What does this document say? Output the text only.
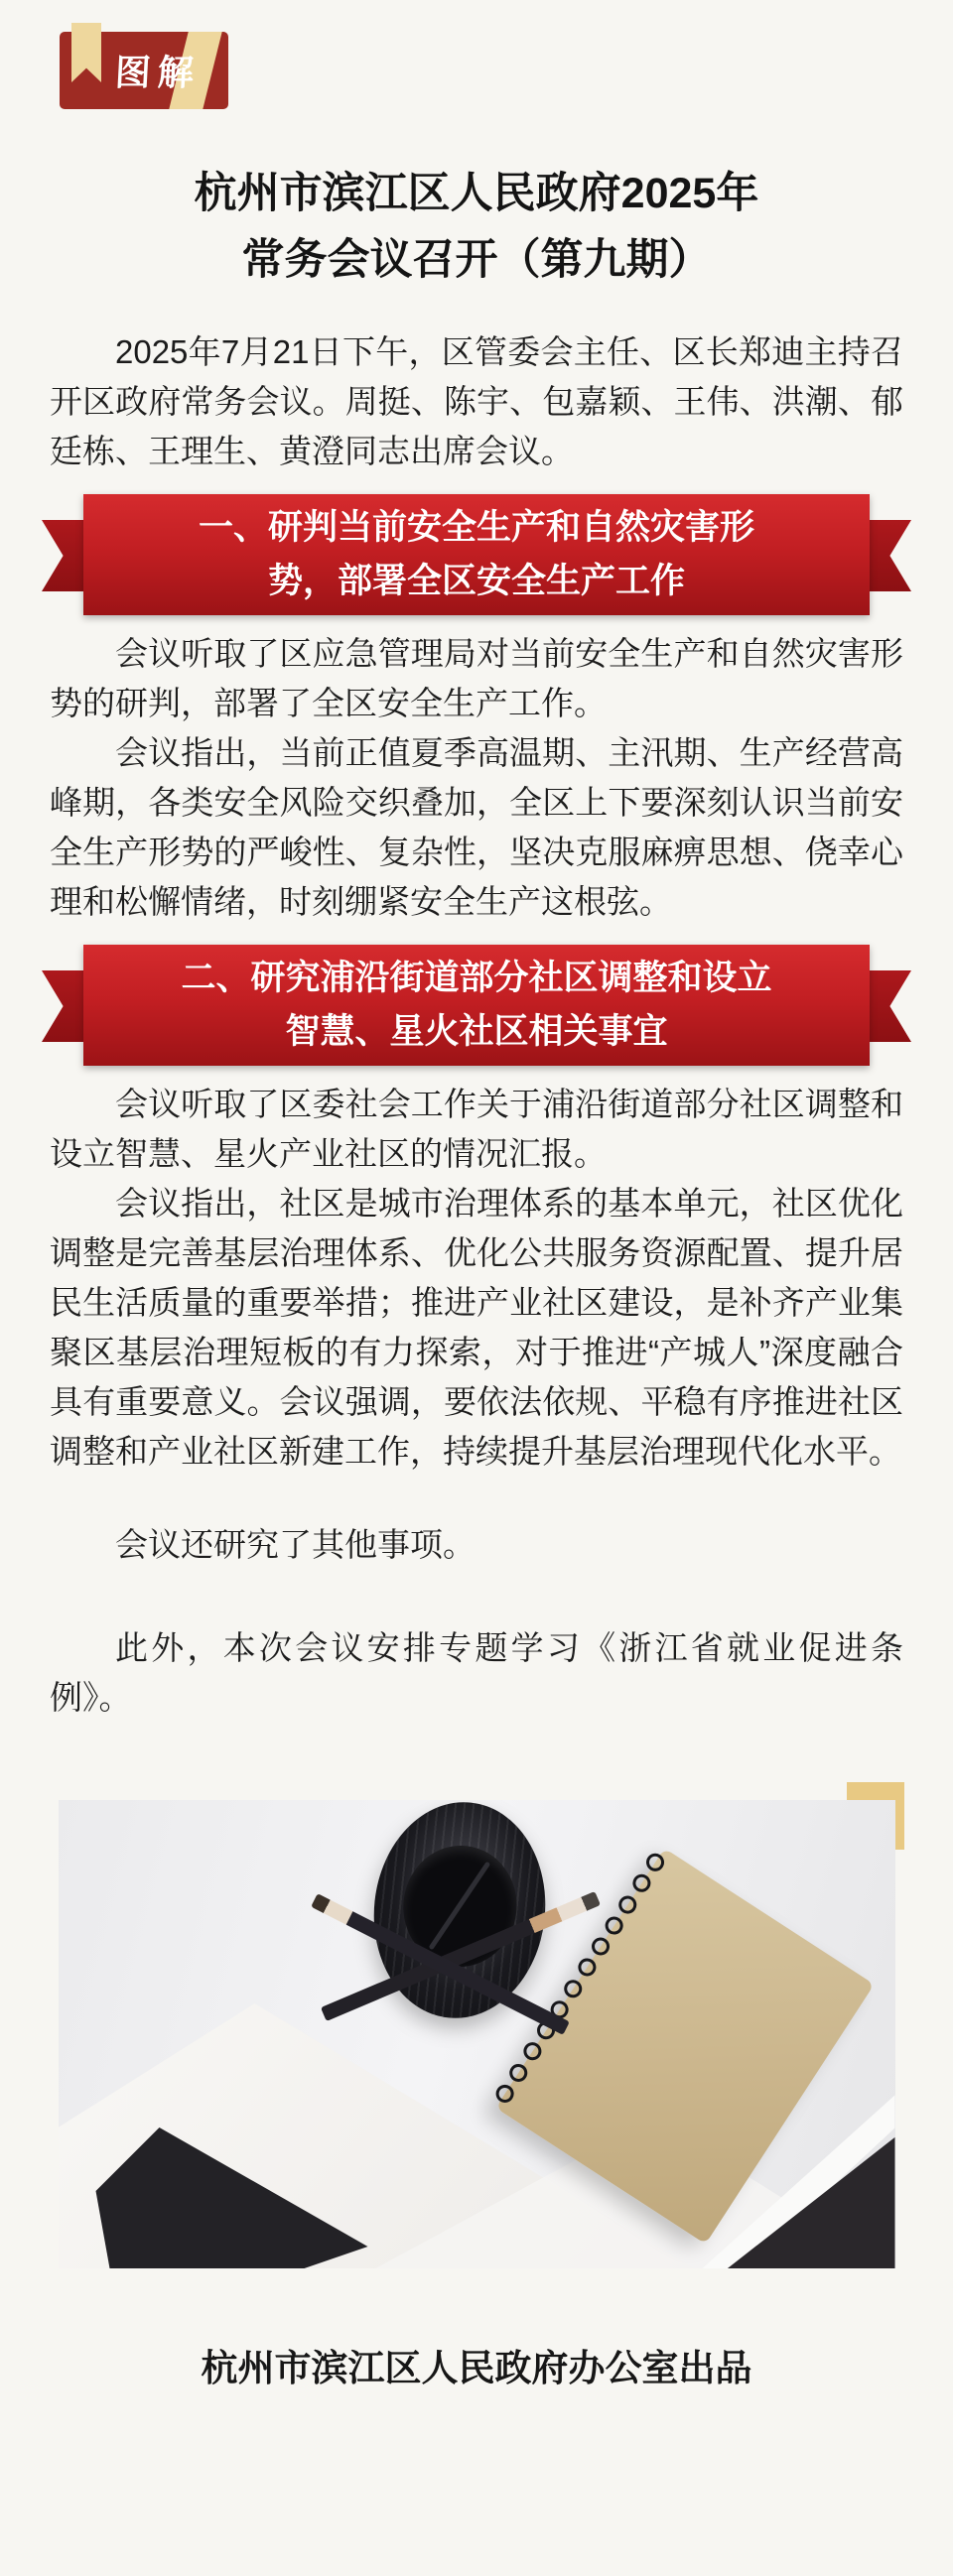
图解
杭州市滨江区人民政府2025年
常务会议召开（第九期）

2025年7月21日下午，区管委会主任、区长郑迪主持召开区政府常务会议。周挺、陈宇、包嘉颖、王伟、洪潮、郁廷栋、王理生、黄澄同志出席会议。

一、研判当前安全生产和自然灾害形
势，部署全区安全生产工作

会议听取了区应急管理局对当前安全生产和自然灾害形势的研判，部署了全区安全生产工作。

会议指出，当前正值夏季高温期、主汛期、生产经营高峰期，各类安全风险交织叠加，全区上下要深刻认识当前安全生产形势的严峻性、复杂性，坚决克服麻痹思想、侥幸心理和松懈情绪，时刻绷紧安全生产这根弦。

二、研究浦沿街道部分社区调整和设立
智慧、星火社区相关事宜

会议听取了区委社会工作关于浦沿街道部分社区调整和设立智慧、星火产业社区的情况汇报。

会议指出，社区是城市治理体系的基本单元，社区优化调整是完善基层治理体系、优化公共服务资源配置、提升居民生活质量的重要举措；推进产业社区建设，是补齐产业集聚区基层治理短板的有力探索，对于推进“产城人”深度融合具有重要意义。会议强调，要依法依规、平稳有序推进社区调整和产业社区新建工作，持续提升基层治理现代化水平。

会议还研究了其他事项。

此外，本次会议安排专题学习《浙江省就业促进条例》。

杭州市滨江区人民政府办公室出品
